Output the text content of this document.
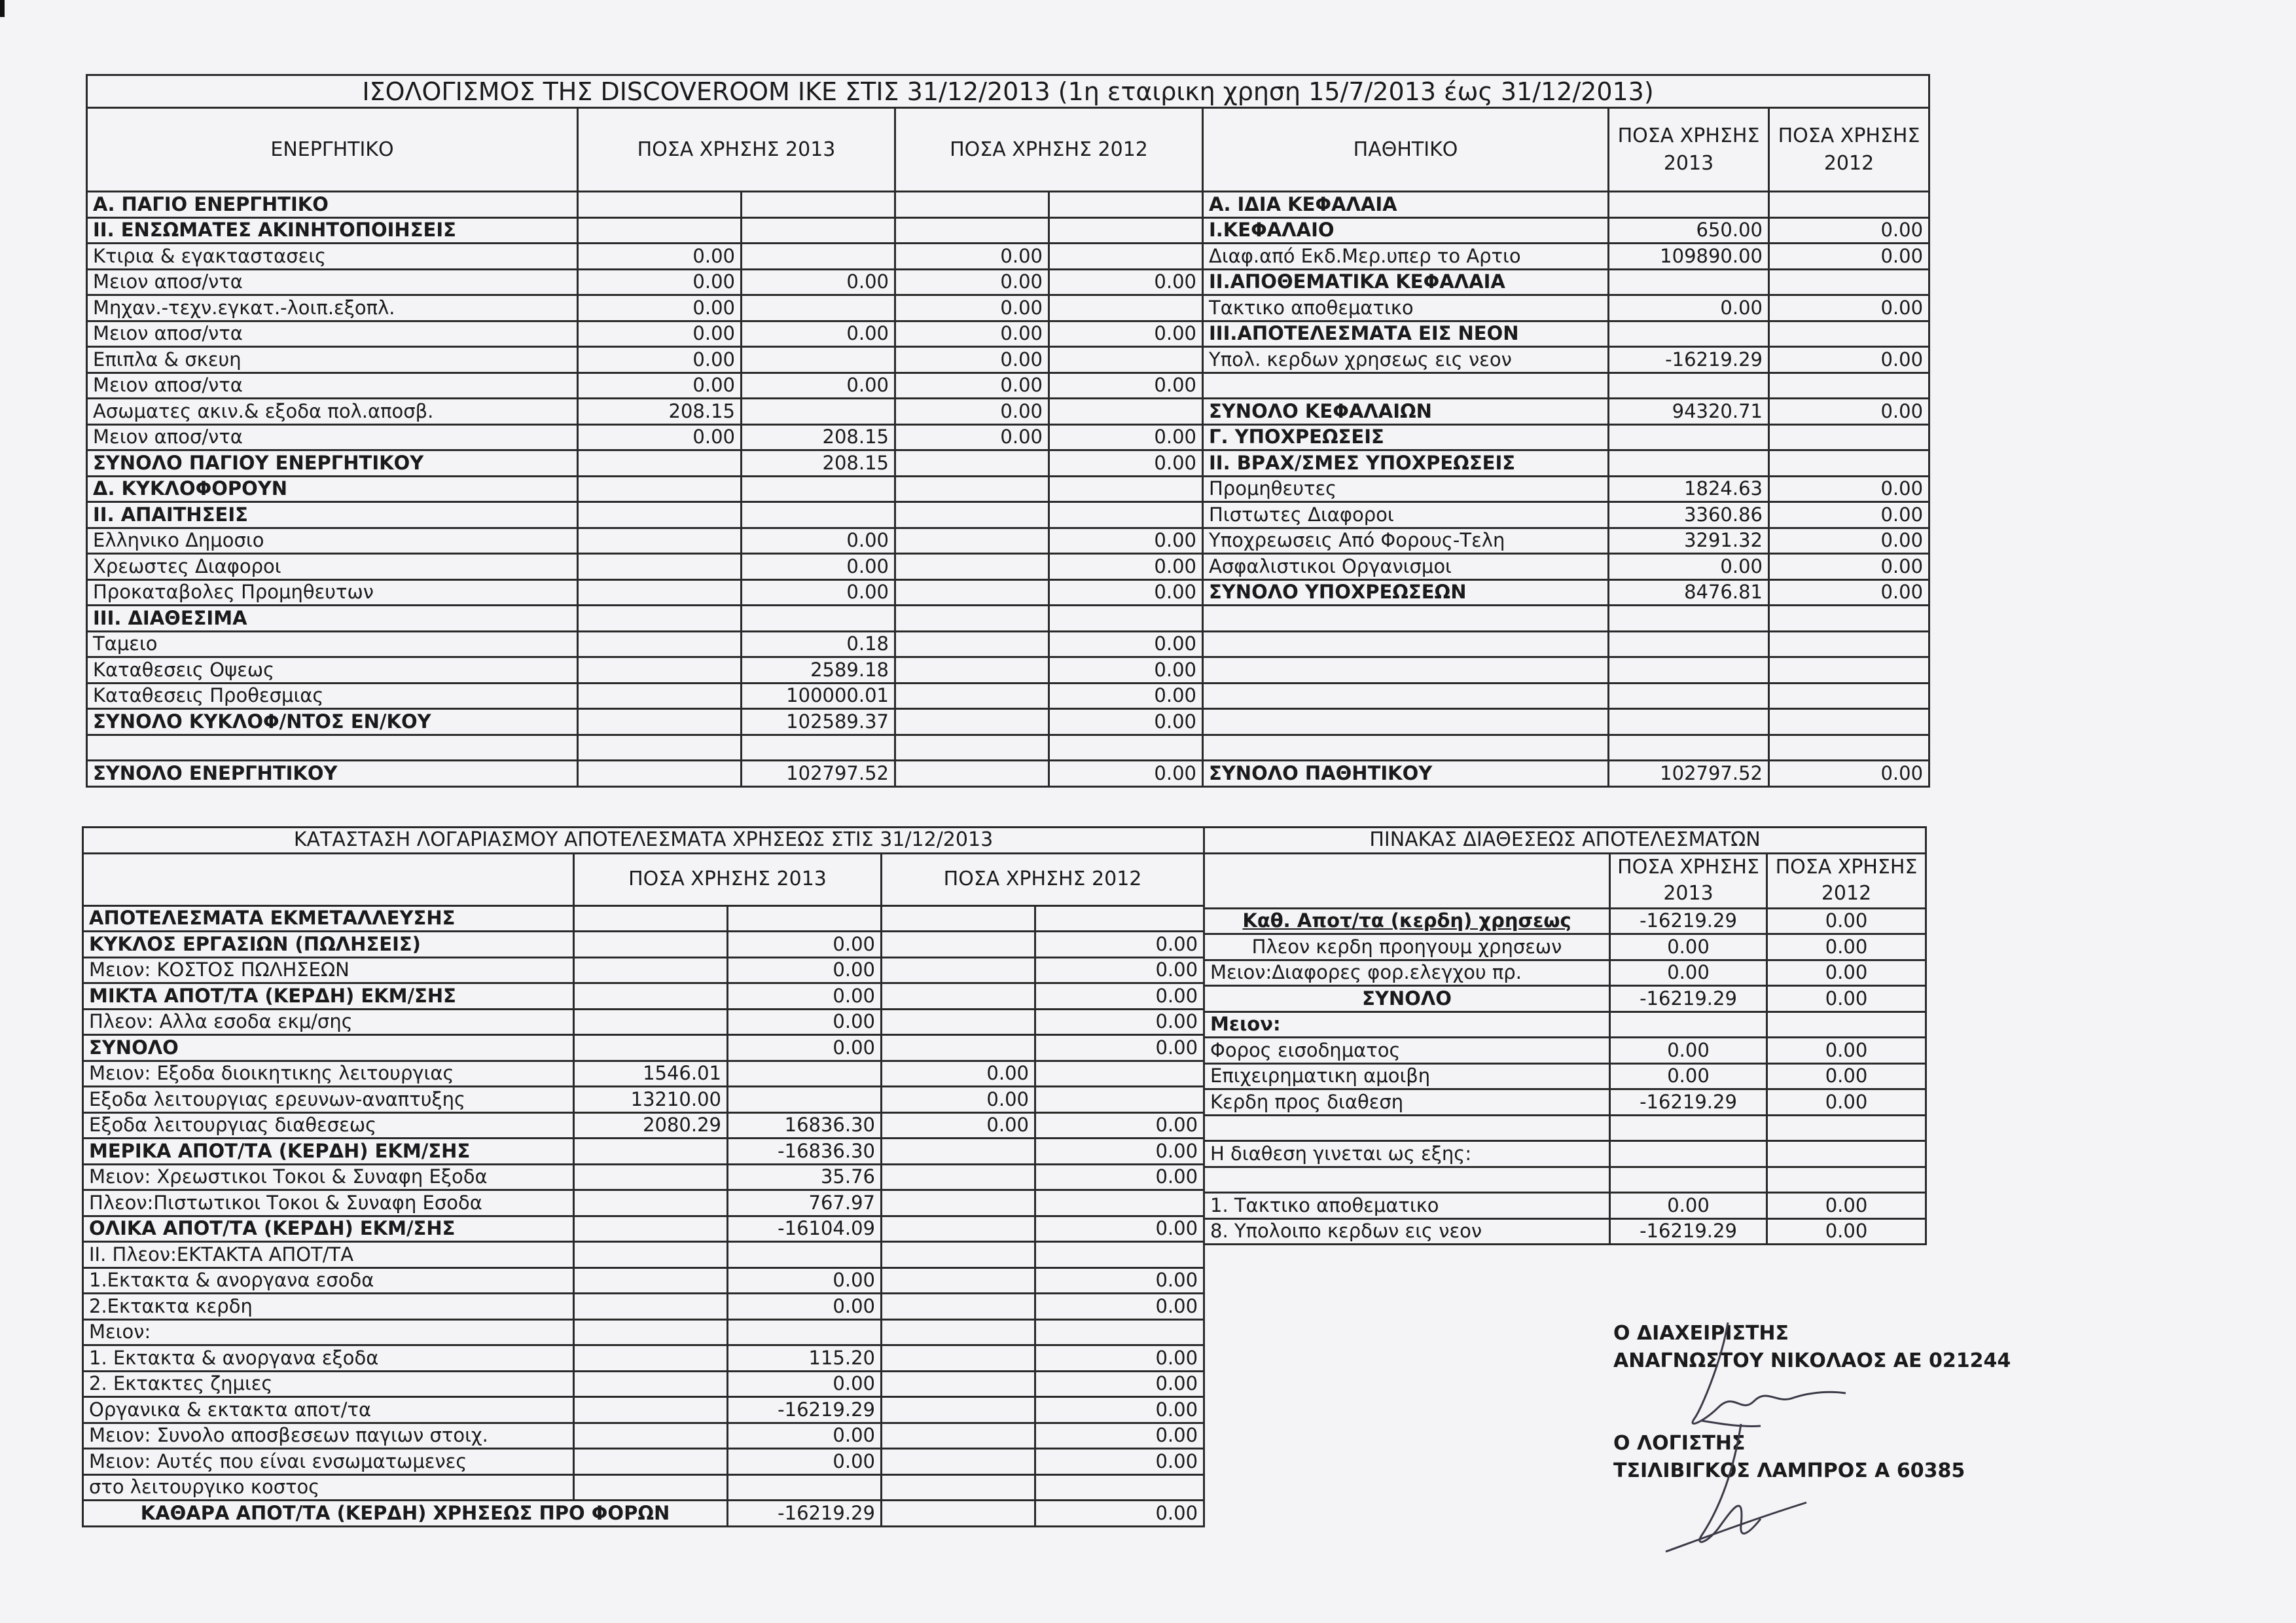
ΙΣΟΛΟΓΙΣΜΟΣ ΤΗΣ DISCOVEROOM ΙΚΕ ΣΤΙΣ 31/12/2013 (1η εταιρικη χρηση 15/7/2013 έως 31/12/2013)							
ΕΝΕΡΓΗΤΙΚΟ	ΠΟΣΑ ΧΡΗΣΗΣ 2013		ΠΟΣΑ ΧΡΗΣΗΣ 2012		ΠΑΘΗΤΙΚΟ	ΠΟΣΑ ΧΡΗΣΗΣ 2013	ΠΟΣΑ ΧΡΗΣΗΣ 2012
Α. ΠΑΓΙΟ ΕΝΕΡΓΗΤΙΚΟ					Α. ΙΔΙΑ ΚΕΦΑΛΑΙΑ		
ΙΙ. ΕΝΣΩΜΑΤΕΣ ΑΚΙΝΗΤΟΠΟΙΗΣΕΙΣ					Ι.ΚΕΦΑΛΑΙΟ	650.00	0.00
Κτιρια & εγακταστασεις	0.00		0.00		Διαφ.από Εκδ.Μερ.υπερ το Αρτιο	109890.00	0.00
Μειον αποσ/ντα	0.00	0.00	0.00	0.00	ΙΙ.ΑΠΟΘΕΜΑΤΙΚΑ ΚΕΦΑΛΑΙΑ		
Μηχαν.-τεχν.εγκατ.-λοιπ.εξοπλ.	0.00		0.00		Τακτικο αποθεματικο	0.00	0.00
Μειον αποσ/ντα	0.00	0.00	0.00	0.00	ΙΙΙ.ΑΠΟΤΕΛΕΣΜΑΤΑ ΕΙΣ ΝΕΟΝ		
Επιπλα & σκευη	0.00		0.00		Υπολ. κερδων χρησεως εις νεον	-16219.29	0.00
Μειον αποσ/ντα	0.00	0.00	0.00	0.00			
Ασωματες ακιν.& εξοδα πολ.αποσβ.	208.15		0.00		ΣΥΝΟΛΟ ΚΕΦΑΛΑΙΩΝ	94320.71	0.00
Μειον αποσ/ντα	0.00	208.15	0.00	0.00	Γ. ΥΠΟΧΡΕΩΣΕΙΣ		
ΣΥΝΟΛΟ ΠΑΓΙΟΥ ΕΝΕΡΓΗΤΙΚΟΥ		208.15		0.00	ΙΙ. ΒΡΑΧ/ΣΜΕΣ ΥΠΟΧΡΕΩΣΕΙΣ		
Δ. ΚΥΚΛΟΦΟΡΟΥΝ					Προμηθευτες	1824.63	0.00
ΙΙ. ΑΠΑΙΤΗΣΕΙΣ					Πιστωτες Διαφοροι	3360.86	0.00
Ελληνικο Δημοσιο		0.00		0.00	Υποχρεωσεις Από Φορους-Τελη	3291.32	0.00
Χρεωστες Διαφοροι		0.00		0.00	Ασφαλιστικοι Οργανισμοι	0.00	0.00
Προκαταβολες Προμηθευτων		0.00		0.00	ΣΥΝΟΛΟ ΥΠΟΧΡΕΩΣΕΩΝ	8476.81	0.00
ΙΙΙ. ΔΙΑΘΕΣΙΜΑ							
Ταμειο		0.18		0.00			
Καταθεσεις Οψεως		2589.18		0.00			
Καταθεσεις Προθεσμιας		100000.01		0.00			
ΣΥΝΟΛΟ ΚΥΚΛΟΦ/ΝΤΟΣ ΕΝ/ΚΟΥ		102589.37		0.00			

ΣΥΝΟΛΟ ΕΝΕΡΓΗΤΙΚΟΥ		102797.52		0.00	ΣΥΝΟΛΟ ΠΑΘΗΤΙΚΟΥ	102797.52	0.00
ΚΑΤΑΣΤΑΣΗ ΛΟΓΑΡΙΑΣΜΟΥ ΑΠΟΤΕΛΕΣΜΑΤΑ ΧΡΗΣΕΩΣ ΣΤΙΣ 31/12/2013				
	ΠΟΣΑ ΧΡΗΣΗΣ 2013		ΠΟΣΑ ΧΡΗΣΗΣ 2012	
ΑΠΟΤΕΛΕΣΜΑΤΑ ΕΚΜΕΤΑΛΛΕΥΣΗΣ				
ΚΥΚΛΟΣ ΕΡΓΑΣΙΩΝ (ΠΩΛΗΣΕΙΣ)		0.00		0.00
Μειον: ΚΟΣΤΟΣ ΠΩΛΗΣΕΩΝ		0.00		0.00
ΜΙΚΤΑ ΑΠΟΤ/ΤΑ (ΚΕΡΔΗ) ΕΚΜ/ΣΗΣ		0.00		0.00
Πλεον: Αλλα εσοδα εκμ/σης		0.00		0.00
ΣΥΝΟΛΟ		0.00		0.00
Μειον: Εξοδα διοικητικης λειτουργιας	1546.01		0.00	
Εξοδα λειτουργιας ερευνων-αναπτυξης	13210.00		0.00	
Εξοδα λειτουργιας διαθεσεως	2080.29	16836.30	0.00	0.00
ΜΕΡΙΚΑ ΑΠΟΤ/ΤΑ (ΚΕΡΔΗ) ΕΚΜ/ΣΗΣ		-16836.30		0.00
Μειον: Χρεωστικοι Τοκοι & Συναφη Εξοδα		35.76		0.00
Πλεον:Πιστωτικοι Τοκοι & Συναφη Εσοδα		767.97		
ΟΛΙΚΑ ΑΠΟΤ/ΤΑ (ΚΕΡΔΗ) ΕΚΜ/ΣΗΣ		-16104.09		0.00
ΙΙ. Πλεον:ΕΚΤΑΚΤΑ ΑΠΟΤ/ΤΑ				
1.Εκτακτα & ανοργανα εσοδα		0.00		0.00
2.Εκτακτα κερδη		0.00		0.00
Μειον:				
1. Εκτακτα & ανοργανα εξοδα		115.20		0.00
2. Εκτακτες ζημιες		0.00		0.00
Οργανικα & εκτακτα αποτ/τα		-16219.29		0.00
Μειον: Συνολο αποσβεσεων παγιων στοιχ.		0.00		0.00
Μειον: Αυτές που είναι ενσωματωμενες		0.00		0.00
στο λειτουργικο κοστος				
ΚΑΘΑΡΑ ΑΠΟΤ/ΤΑ (ΚΕΡΔΗ) ΧΡΗΣΕΩΣ ΠΡΟ ΦΟΡΩΝ		-16219.29		0.00
ΠΙΝΑΚΑΣ ΔΙΑΘΕΣΕΩΣ ΑΠΟΤΕΛΕΣΜΑΤΩΝ		
	ΠΟΣΑ ΧΡΗΣΗΣ 2013	ΠΟΣΑ ΧΡΗΣΗΣ 2012
Καθ. Αποτ/τα (κερδη) χρησεως	-16219.29	0.00
Πλεον κερδη προηγουμ χρησεων	0.00	0.00
Μειον:Διαφορες φορ.ελεγχου πρ.	0.00	0.00
ΣΥΝΟΛΟ	-16219.29	0.00
Μειον:		
Φορος εισοδηματος	0.00	0.00
Επιχειρηματικη αμοιβη	0.00	0.00
Κερδη προς διαθεση	-16219.29	0.00

Η διαθεση γινεται ως εξης:		

1. Τακτικο αποθεματικο	0.00	0.00
8. Υπολοιπο κερδων εις νεον	-16219.29	0.00
Ο ΔΙΑΧΕΙΡΙΣΤΗΣ
ΑΝΑΓΝΩΣΤΟΥ ΝΙΚΟΛΑΟΣ ΑΕ 021244
Ο ΛΟΓΙΣΤΗΣ
ΤΣΙΛΙΒΙΓΚΟΣ ΛΑΜΠΡΟΣ Α 60385
